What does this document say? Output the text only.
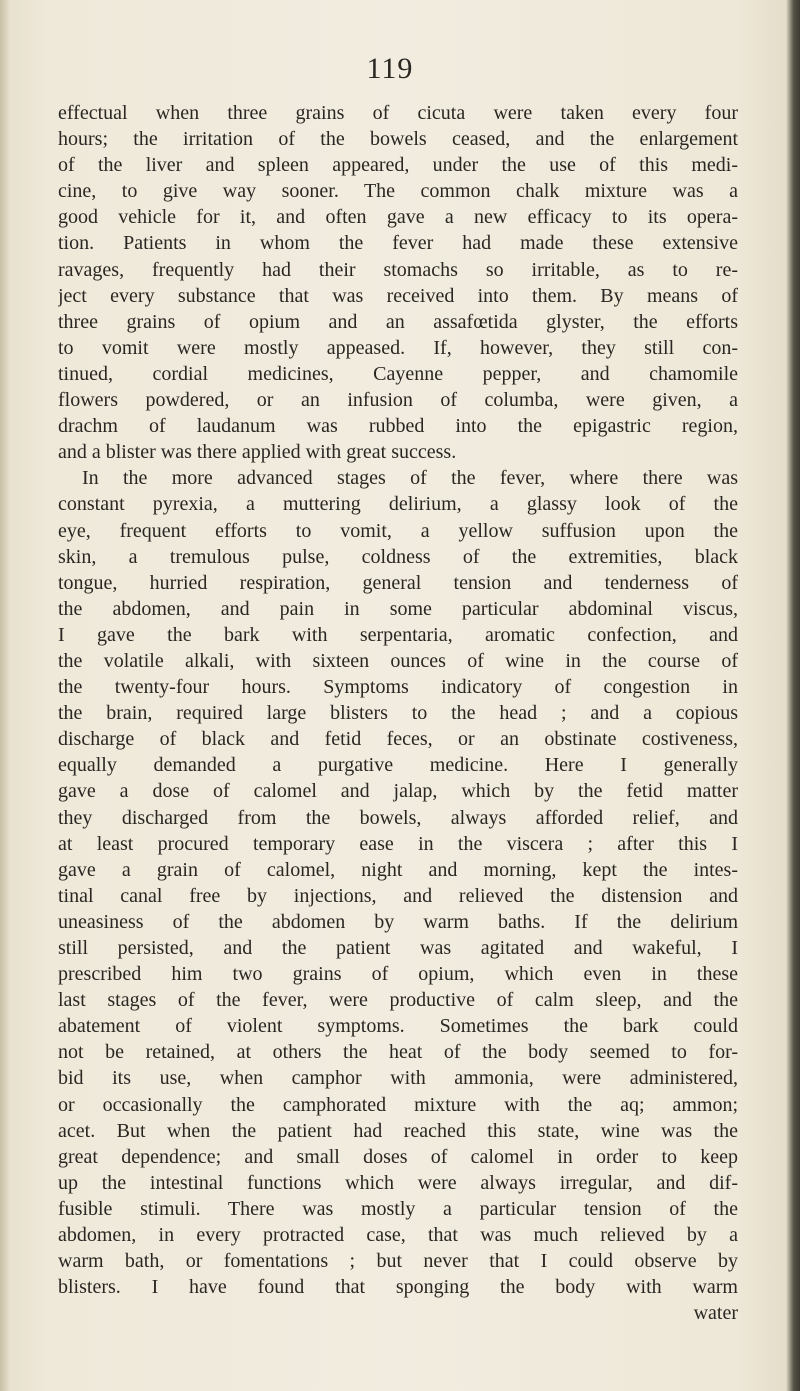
119
effectual when three grains of cicuta were taken every four
hours; the irritation of the bowels ceased, and the enlargement
of the liver and spleen appeared, under the use of this medi-
cine, to give way sooner. The common chalk mixture was a
good vehicle for it, and often gave a new efficacy to its opera-
tion. Patients in whom the fever had made these extensive
ravages, frequently had their stomachs so irritable, as to re-
ject every substance that was received into them. By means of
three grains of opium and an assafœtida glyster, the efforts
to vomit were mostly appeased. If, however, they still con-
tinued, cordial medicines, Cayenne pepper, and chamomile
flowers powdered, or an infusion of columba, were given, a
drachm of laudanum was rubbed into the epigastric region,
and a blister was there applied with great success.
In the more advanced stages of the fever, where there was
constant pyrexia, a muttering delirium, a glassy look of the
eye, frequent efforts to vomit, a yellow suffusion upon the
skin, a tremulous pulse, coldness of the extremities, black
tongue, hurried respiration, general tension and tenderness of
the abdomen, and pain in some particular abdominal viscus,
I gave the bark with serpentaria, aromatic confection, and
the volatile alkali, with sixteen ounces of wine in the course of
the twenty-four hours. Symptoms indicatory of congestion in
the brain, required large blisters to the head ; and a copious
discharge of black and fetid feces, or an obstinate costiveness,
equally demanded a purgative medicine. Here I generally
gave a dose of calomel and jalap, which by the fetid matter
they discharged from the bowels, always afforded relief, and
at least procured temporary ease in the viscera ; after this I
gave a grain of calomel, night and morning, kept the intes-
tinal canal free by injections, and relieved the distension and
uneasiness of the abdomen by warm baths. If the delirium
still persisted, and the patient was agitated and wakeful, I
prescribed him two grains of opium, which even in these
last stages of the fever, were productive of calm sleep, and the
abatement of violent symptoms. Sometimes the bark could
not be retained, at others the heat of the body seemed to for-
bid its use, when camphor with ammonia, were administered,
or occasionally the camphorated mixture with the aq; ammon;
acet. But when the patient had reached this state, wine was the
great dependence; and small doses of calomel in order to keep
up the intestinal functions which were always irregular, and dif-
fusible stimuli. There was mostly a particular tension of the
abdomen, in every protracted case, that was much relieved by a
warm bath, or fomentations ; but never that I could observe by
blisters. I have found that sponging the body with warm
water
